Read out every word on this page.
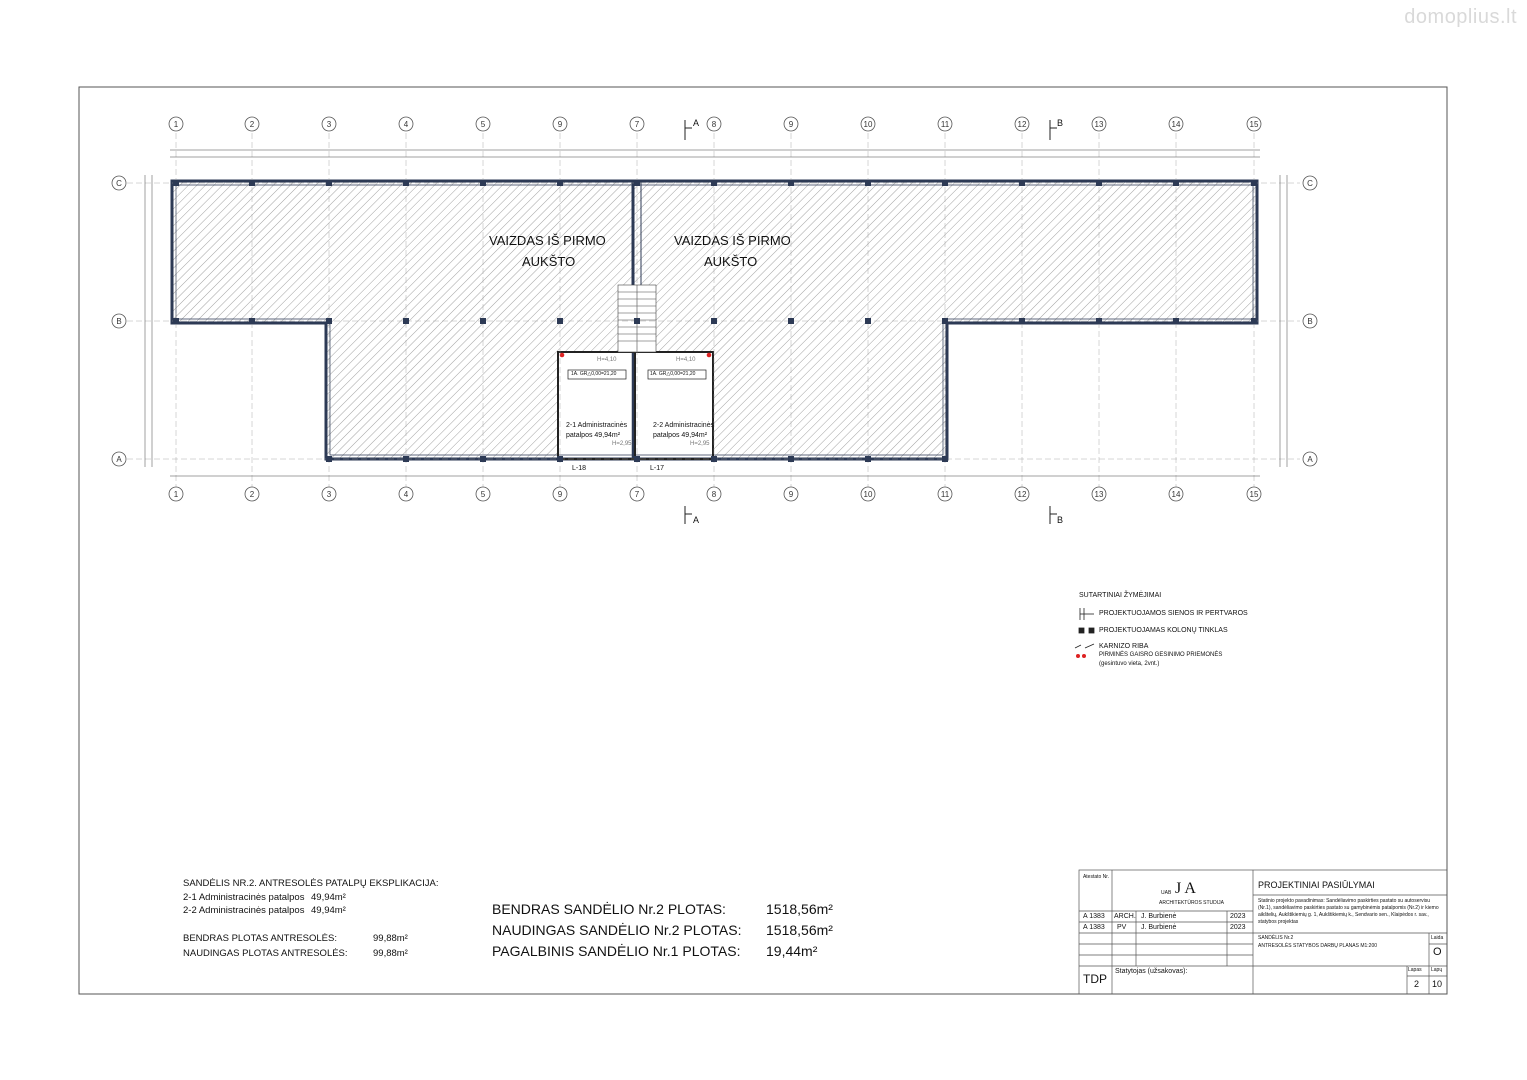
domoplius.lt
1	2	3	4	5	9	7	8	9	10	11	12	13	14	15
1	2	3	4	5	9	7	8	9	10	11	12	13	14	15
C	C
B	B
A	A
VAIZDAS IŠ PIRMO
AUKŠTO
VAIZDAS IŠ PIRMO
AUKŠTO
1A. GR△0,00=21,20
H=4,10
2-1 Administracinės
patalpos 49,94m²
H=2,95
1A. GR△0,00=21,20
H=4,10
2-2 Administracinės
patalpos 49,94m²
H=2,95
L-18	L-17
A
A
B
B
SUTARTINIAI ŽYMĖJIMAI
PROJEKTUOJAMOS SIENOS IR PERTVAROS
PROJEKTUOJAMAS KOLONŲ TINKLAS
KARNIZO RIBA
PIRMINĖS GAISRO GESINIMO PRIEMONĖS
(gesintuvo vieta, 2vnt.)
SANDĖLIS NR.2. ANTRESOLĖS PATALPŲ EKSPLIKACIJA:
2-1 Administracinės patalpos 49,94m²
2-2 Administracinės patalpos 49,94m²
BENDRAS PLOTAS ANTRESOLĖS:	99,88m²
NAUDINGAS PLOTAS ANTRESOLĖS:	99,88m²
BENDRAS SANDĖLIO Nr.2 PLOTAS:	1518,56m²
NAUDINGAS SANDĖLIO Nr.2 PLOTAS: 1518,56m²
PAGALBINIS SANDĖLIO Nr.1 PLOTAS: 19,44m²
Atestato Nr.
UAB J A
ARCHITEKTŪROS STUDIJA
A 1383 ARCH. J. Burbienė	2023
A 1383 PV J. Burbienė	2023
TDP
Statytojas (užsakovas):
PROJEKTINIAI PASIŪLYMAI
Statinio projekto pavadinimas: Sandėliavimo paskirties pastato su autoservisu (Nr.1), sandėliavimo paskirties pastato su gamybinėmis patalpomis (Nr.2) ir kiemo aikštelių, Aukštikiemių g. 1, Aukštikiemių k., Sendvario sen., Klaipėdos r. sav., statybos projektas
SANDĖLIS Nr.2
ANTRESOLĖS STATYBOS DARBŲ PLANAS M1:200
Laida
O
Lapas Lapų
2 10
